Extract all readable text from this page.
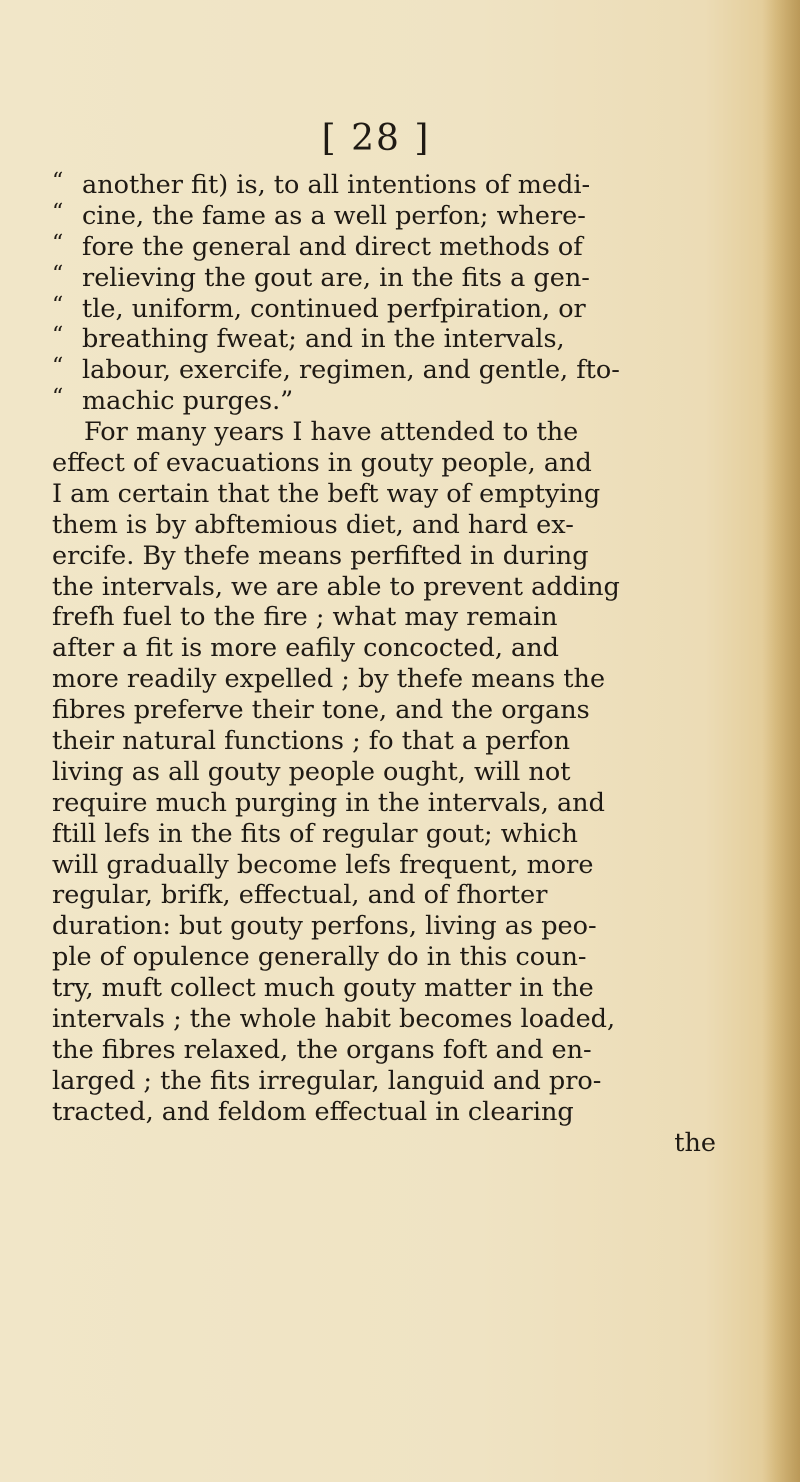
[ 28 ]
“ another fit) is, to all intentions of medi-
“ cine, the fame as a well perfon; where-
“ fore the general and direct methods of
“ relieving the gout are, in the fits a gen-
“ tle, uniform, continued perfpiration, or
“ breathing fweat; and in the intervals,
“ labour, exercife, regimen, and gentle, fto-
“ machic purges.”
For many years I have attended to the
effect of evacuations in gouty people, and
I am certain that the beft way of emptying
them is by abftemious diet, and hard ex-
ercife. By thefe means perfifted in during
the intervals, we are able to prevent adding
frefh fuel to the fire ; what may remain
after a fit is more eafily concocted, and
more readily expelled ; by thefe means the
fibres preferve their tone, and the organs
their natural functions ; fo that a perfon
living as all gouty people ought, will not
require much purging in the intervals, and
ftill lefs in the fits of regular gout; which
will gradually become lefs frequent, more
regular, brifk, effectual, and of fhorter
duration: but gouty perfons, living as peo-
ple of opulence generally do in this coun-
try, muft collect much gouty matter in the
intervals ; the whole habit becomes loaded,
the fibres relaxed, the organs foft and en-
larged ; the fits irregular, languid and pro-
tracted, and feldom effectual in clearing
the
